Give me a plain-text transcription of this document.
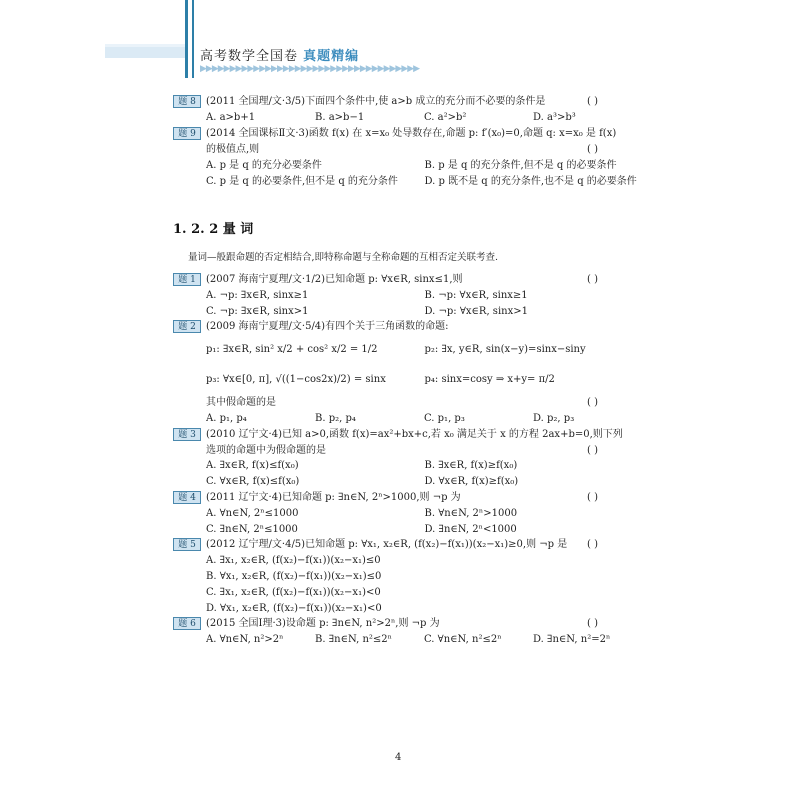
高考数学全国卷 真题精编
▶▶▶▶▶▶▶▶▶▶▶▶▶▶▶▶▶▶▶▶▶▶▶▶▶▶▶▶▶▶▶▶▶▶▶▶▶
题 8	(2011 全国理/文·3/5)下面四个条件中,使 a>b 成立的充分而不必要的条件是	( )
A. a>b+1	B. a>b−1	C. a²>b²	D. a³>b³
题 9	(2014 全国课标Ⅱ文·3)函数 f(x) 在 x=x₀ 处导数存在,命题 p: f′(x₀)=0,命题 q: x=x₀ 是 f(x)
的极值点,则	( )
A. p 是 q 的充分必要条件	B. p 是 q 的充分条件,但不是 q 的必要条件
C. p 是 q 的必要条件,但不是 q 的充分条件	D. p 既不是 q 的充分条件,也不是 q 的必要条件
1. 2. 2 量 词
量词—般跟命题的否定相结合,即特称命题与全称命题的互相否定关联考查.
题 1	(2007 海南宁夏理/文·1/2)已知命题 p: ∀x∈R, sinx≤1,则	( )
A. ¬p: ∃x∈R, sinx≥1	B. ¬p: ∀x∈R, sinx≥1
C. ¬p: ∃x∈R, sinx>1	D. ¬p: ∀x∈R, sinx>1
题 2	(2009 海南宁夏理/文·5/4)有四个关于三角函数的命题:
p₁: ∃x∈R, sin² x/2 + cos² x/2 = 1/2	p₂: ∃x, y∈R, sin(x−y)=sinx−siny
p₃: ∀x∈[0, π], √((1−cos2x)/2) = sinx	p₄: sinx=cosy ⇒ x+y= π/2
其中假命题的是	( )
A. p₁, p₄	B. p₂, p₄	C. p₁, p₃	D. p₂, p₃
题 3	(2010 辽宁文·4)已知 a>0,函数 f(x)=ax²+bx+c,若 x₀ 满足关于 x 的方程 2ax+b=0,则下列
选项的命题中为假命题的是	( )
A. ∃x∈R, f(x)≤f(x₀)	B. ∃x∈R, f(x)≥f(x₀)
C. ∀x∈R, f(x)≤f(x₀)	D. ∀x∈R, f(x)≥f(x₀)
题 4	(2011 辽宁文·4)已知命题 p: ∃n∈N, 2ⁿ>1000,则 ¬p 为	( )
A. ∀n∈N, 2ⁿ≤1000	B. ∀n∈N, 2ⁿ>1000
C. ∃n∈N, 2ⁿ≤1000	D. ∃n∈N, 2ⁿ<1000
题 5	(2012 辽宁理/文·4/5)已知命题 p: ∀x₁, x₂∈R, (f(x₂)−f(x₁))(x₂−x₁)≥0,则 ¬p 是	( )
A. ∃x₁, x₂∈R, (f(x₂)−f(x₁))(x₂−x₁)≤0
B. ∀x₁, x₂∈R, (f(x₂)−f(x₁))(x₂−x₁)≤0
C. ∃x₁, x₂∈R, (f(x₂)−f(x₁))(x₂−x₁)<0
D. ∀x₁, x₂∈R, (f(x₂)−f(x₁))(x₂−x₁)<0
题 6	(2015 全国Ⅰ理·3)设命题 p: ∃n∈N, n²>2ⁿ,则 ¬p 为	( )
A. ∀n∈N, n²>2ⁿ	B. ∃n∈N, n²≤2ⁿ	C. ∀n∈N, n²≤2ⁿ	D. ∃n∈N, n²=2ⁿ
4
